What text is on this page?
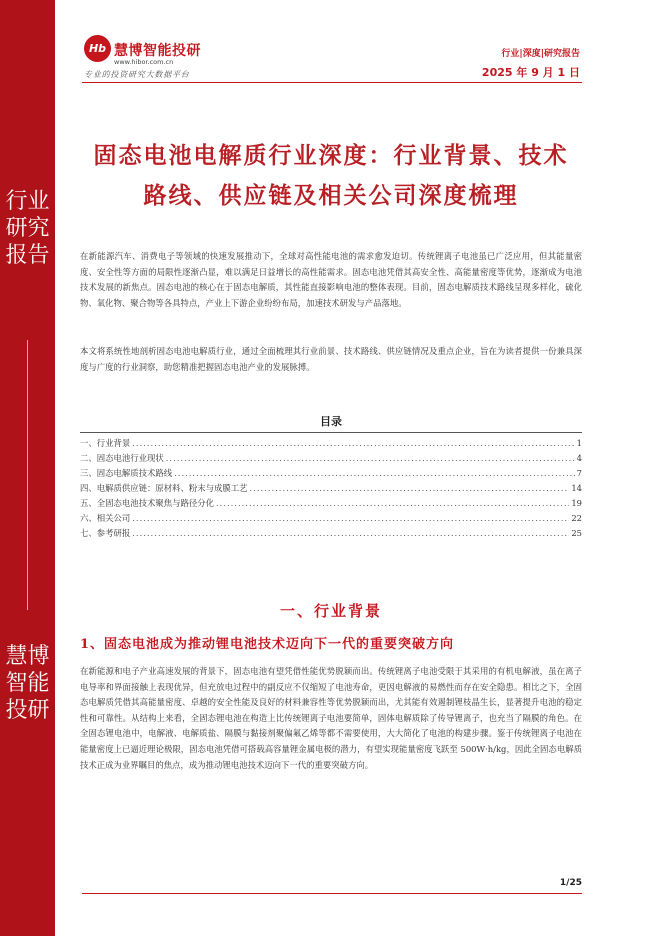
行业研究报告
慧博智能投研
Hb 慧博智能投研
www.hibor.com.cn
专业的投资研究大数据平台
行业|深度|研究报告
2025 年 9 月 1 日
固态电池电解质行业深度：行业背景、技术
路线、供应链及相关公司深度梳理

在新能源汽车、消费电子等领域的快速发展推动下，全球对高性能电池的需求愈发迫切。传统锂离子电池虽已广泛应用，但其能量密度、安全性等方面的局限性逐渐凸显，难以满足日益增长的高性能需求。固态电池凭借其高安全性、高能量密度等优势，逐渐成为电池技术发展的新焦点。固态电池的核心在于固态电解质，其性能直接影响电池的整体表现。目前，固态电解质技术路线呈现多样化，硫化物、氧化物、聚合物等各具特点，产业上下游企业纷纷布局，加速技术研发与产品落地。

本文将系统性地剖析固态电池电解质行业，通过全面梳理其行业前景、技术路线、供应链情况及重点企业，旨在为读者提供一份兼具深度与广度的行业洞察，助您精准把握固态电池产业的发展脉搏。

目录
一、行业背景 .....	1
二、固态电池行业现状 .....	4
三、固态电解质技术路线 .....	7
四、电解质供应链：原材料、粉末与成膜工艺 .....	14
五、全固态电池技术聚焦与路径分化 .....	19
六、相关公司 .....	22
七、参考研报 .....	25
一、行业背景
1、固态电池成为推动锂电池技术迈向下一代的重要突破方向

在新能源和电子产业高速发展的背景下，固态电池有望凭借性能优势脱颖而出。传统锂离子电池受限于其采用的有机电解液，虽在离子电导率和界面接触上表现优异，但充放电过程中的副反应不仅缩短了电池寿命，更因电解液的易燃性而存在安全隐患。相比之下，全固态电解质凭借其高能量密度、卓越的安全性能及良好的材料兼容性等优势脱颖而出，尤其能有效遏制锂枝晶生长，显著提升电池的稳定性和可靠性。从结构上来看，全固态锂电池在构造上比传统锂离子电池要简单，固体电解质除了传导锂离子，也充当了隔膜的角色。在全固态锂电池中，电解液、电解质盐、隔膜与黏接剂聚偏氟乙烯等都不需要使用，大大简化了电池的构建步骤。鉴于传统锂离子电池在能量密度上已逼近理论极限，固态电池凭借可搭载高容量锂金属电极的潜力，有望实现能量密度飞跃至 500W·h/kg，因此全固态电解质技术正成为业界瞩目的焦点，成为推动锂电池技术迈向下一代的重要突破方向。

1/25
